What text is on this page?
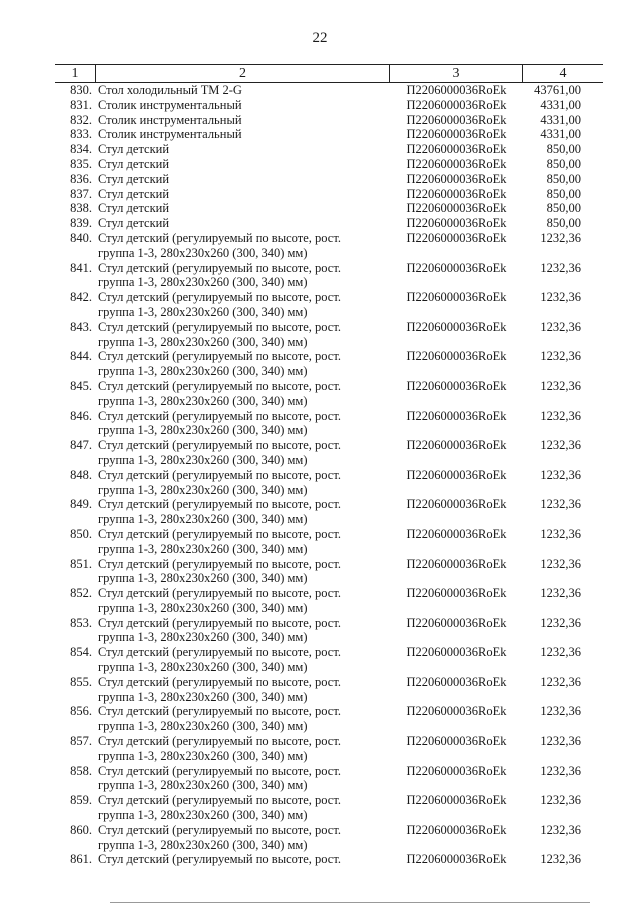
22
1	2	3	4
830. Стол холодильный ТМ 2-G	П2206000036RoEk	43761,00
831. Столик инструментальный	П2206000036RoEk	4331,00
832. Столик инструментальный	П2206000036RoEk	4331,00
833. Столик инструментальный	П2206000036RoEk	4331,00
834. Стул детский	П2206000036RoEk	850,00
835. Стул детский	П2206000036RoEk	850,00
836. Стул детский	П2206000036RoEk	850,00
837. Стул детский	П2206000036RoEk	850,00
838. Стул детский	П2206000036RoEk	850,00
839. Стул детский	П2206000036RoEk	850,00
840. Стул детский (регулируемый по высоте, рост.
группа 1-3, 280х230х260 (300, 340) мм)
П2206000036RoEk	1232,36
841. Стул детский (регулируемый по высоте, рост.
группа 1-3, 280х230х260 (300, 340) мм)
П2206000036RoEk	1232,36
842. Стул детский (регулируемый по высоте, рост.
группа 1-3, 280х230х260 (300, 340) мм)
П2206000036RoEk	1232,36
843. Стул детский (регулируемый по высоте, рост.
группа 1-3, 280х230х260 (300, 340) мм)
П2206000036RoEk	1232,36
844. Стул детский (регулируемый по высоте, рост.
группа 1-3, 280х230х260 (300, 340) мм)
П2206000036RoEk	1232,36
845. Стул детский (регулируемый по высоте, рост.
группа 1-3, 280х230х260 (300, 340) мм)
П2206000036RoEk	1232,36
846. Стул детский (регулируемый по высоте, рост.
группа 1-3, 280х230х260 (300, 340) мм)
П2206000036RoEk	1232,36
847. Стул детский (регулируемый по высоте, рост.
группа 1-3, 280х230х260 (300, 340) мм)
П2206000036RoEk	1232,36
848. Стул детский (регулируемый по высоте, рост.
группа 1-3, 280х230х260 (300, 340) мм)
П2206000036RoEk	1232,36
849. Стул детский (регулируемый по высоте, рост.
группа 1-3, 280х230х260 (300, 340) мм)
П2206000036RoEk	1232,36
850. Стул детский (регулируемый по высоте, рост.
группа 1-3, 280х230х260 (300, 340) мм)
П2206000036RoEk	1232,36
851. Стул детский (регулируемый по высоте, рост.
группа 1-3, 280х230х260 (300, 340) мм)
П2206000036RoEk	1232,36
852. Стул детский (регулируемый по высоте, рост.
группа 1-3, 280х230х260 (300, 340) мм)
П2206000036RoEk	1232,36
853. Стул детский (регулируемый по высоте, рост.
группа 1-3, 280х230х260 (300, 340) мм)
П2206000036RoEk	1232,36
854. Стул детский (регулируемый по высоте, рост.
группа 1-3, 280х230х260 (300, 340) мм)
П2206000036RoEk	1232,36
855. Стул детский (регулируемый по высоте, рост.
группа 1-3, 280х230х260 (300, 340) мм)
П2206000036RoEk	1232,36
856. Стул детский (регулируемый по высоте, рост.
группа 1-3, 280х230х260 (300, 340) мм)
П2206000036RoEk	1232,36
857. Стул детский (регулируемый по высоте, рост.
группа 1-3, 280х230х260 (300, 340) мм)
П2206000036RoEk	1232,36
858. Стул детский (регулируемый по высоте, рост.
группа 1-3, 280х230х260 (300, 340) мм)
П2206000036RoEk	1232,36
859. Стул детский (регулируемый по высоте, рост.
группа 1-3, 280х230х260 (300, 340) мм)
П2206000036RoEk	1232,36
860. Стул детский (регулируемый по высоте, рост.
группа 1-3, 280х230х260 (300, 340) мм)
П2206000036RoEk	1232,36
861. Стул детский (регулируемый по высоте, рост.	П2206000036RoEk	1232,36
